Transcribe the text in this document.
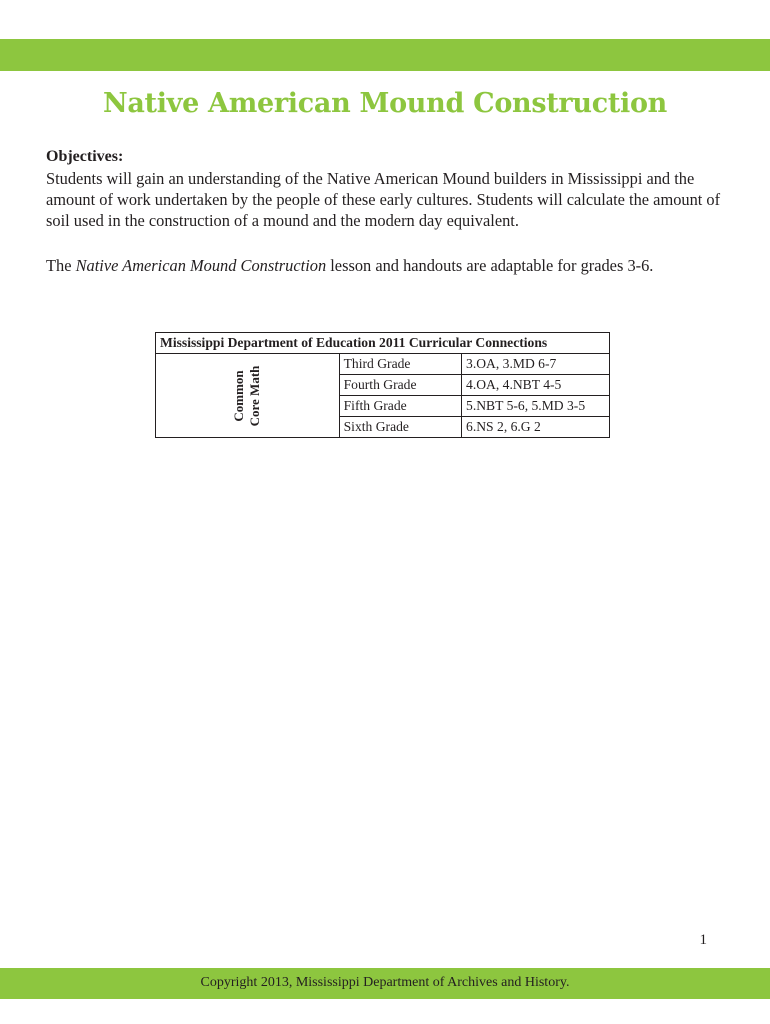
Native American Mound Construction
Objectives:

Students will gain an understanding of the Native American Mound builders in Mississippi and the amount of work undertaken by the people of these early cultures. Students will calculate the amount of soil used in the construction of a mound and the modern day equivalent.

The Native American Mound Construction lesson and handouts are adaptable for grades 3-6.

Mississippi Department of Education 2011 Curricular Connections		

Common Core Math	Third Grade	3.OA, 3.MD 6-7
	Fourth Grade	4.OA, 4.NBT 4-5
	Fifth Grade	5.NBT 5-6, 5.MD 3-5
	Sixth Grade	6.NS 2, 6.G 2
1
Copyright 2013, Mississippi Department of Archives and History.
